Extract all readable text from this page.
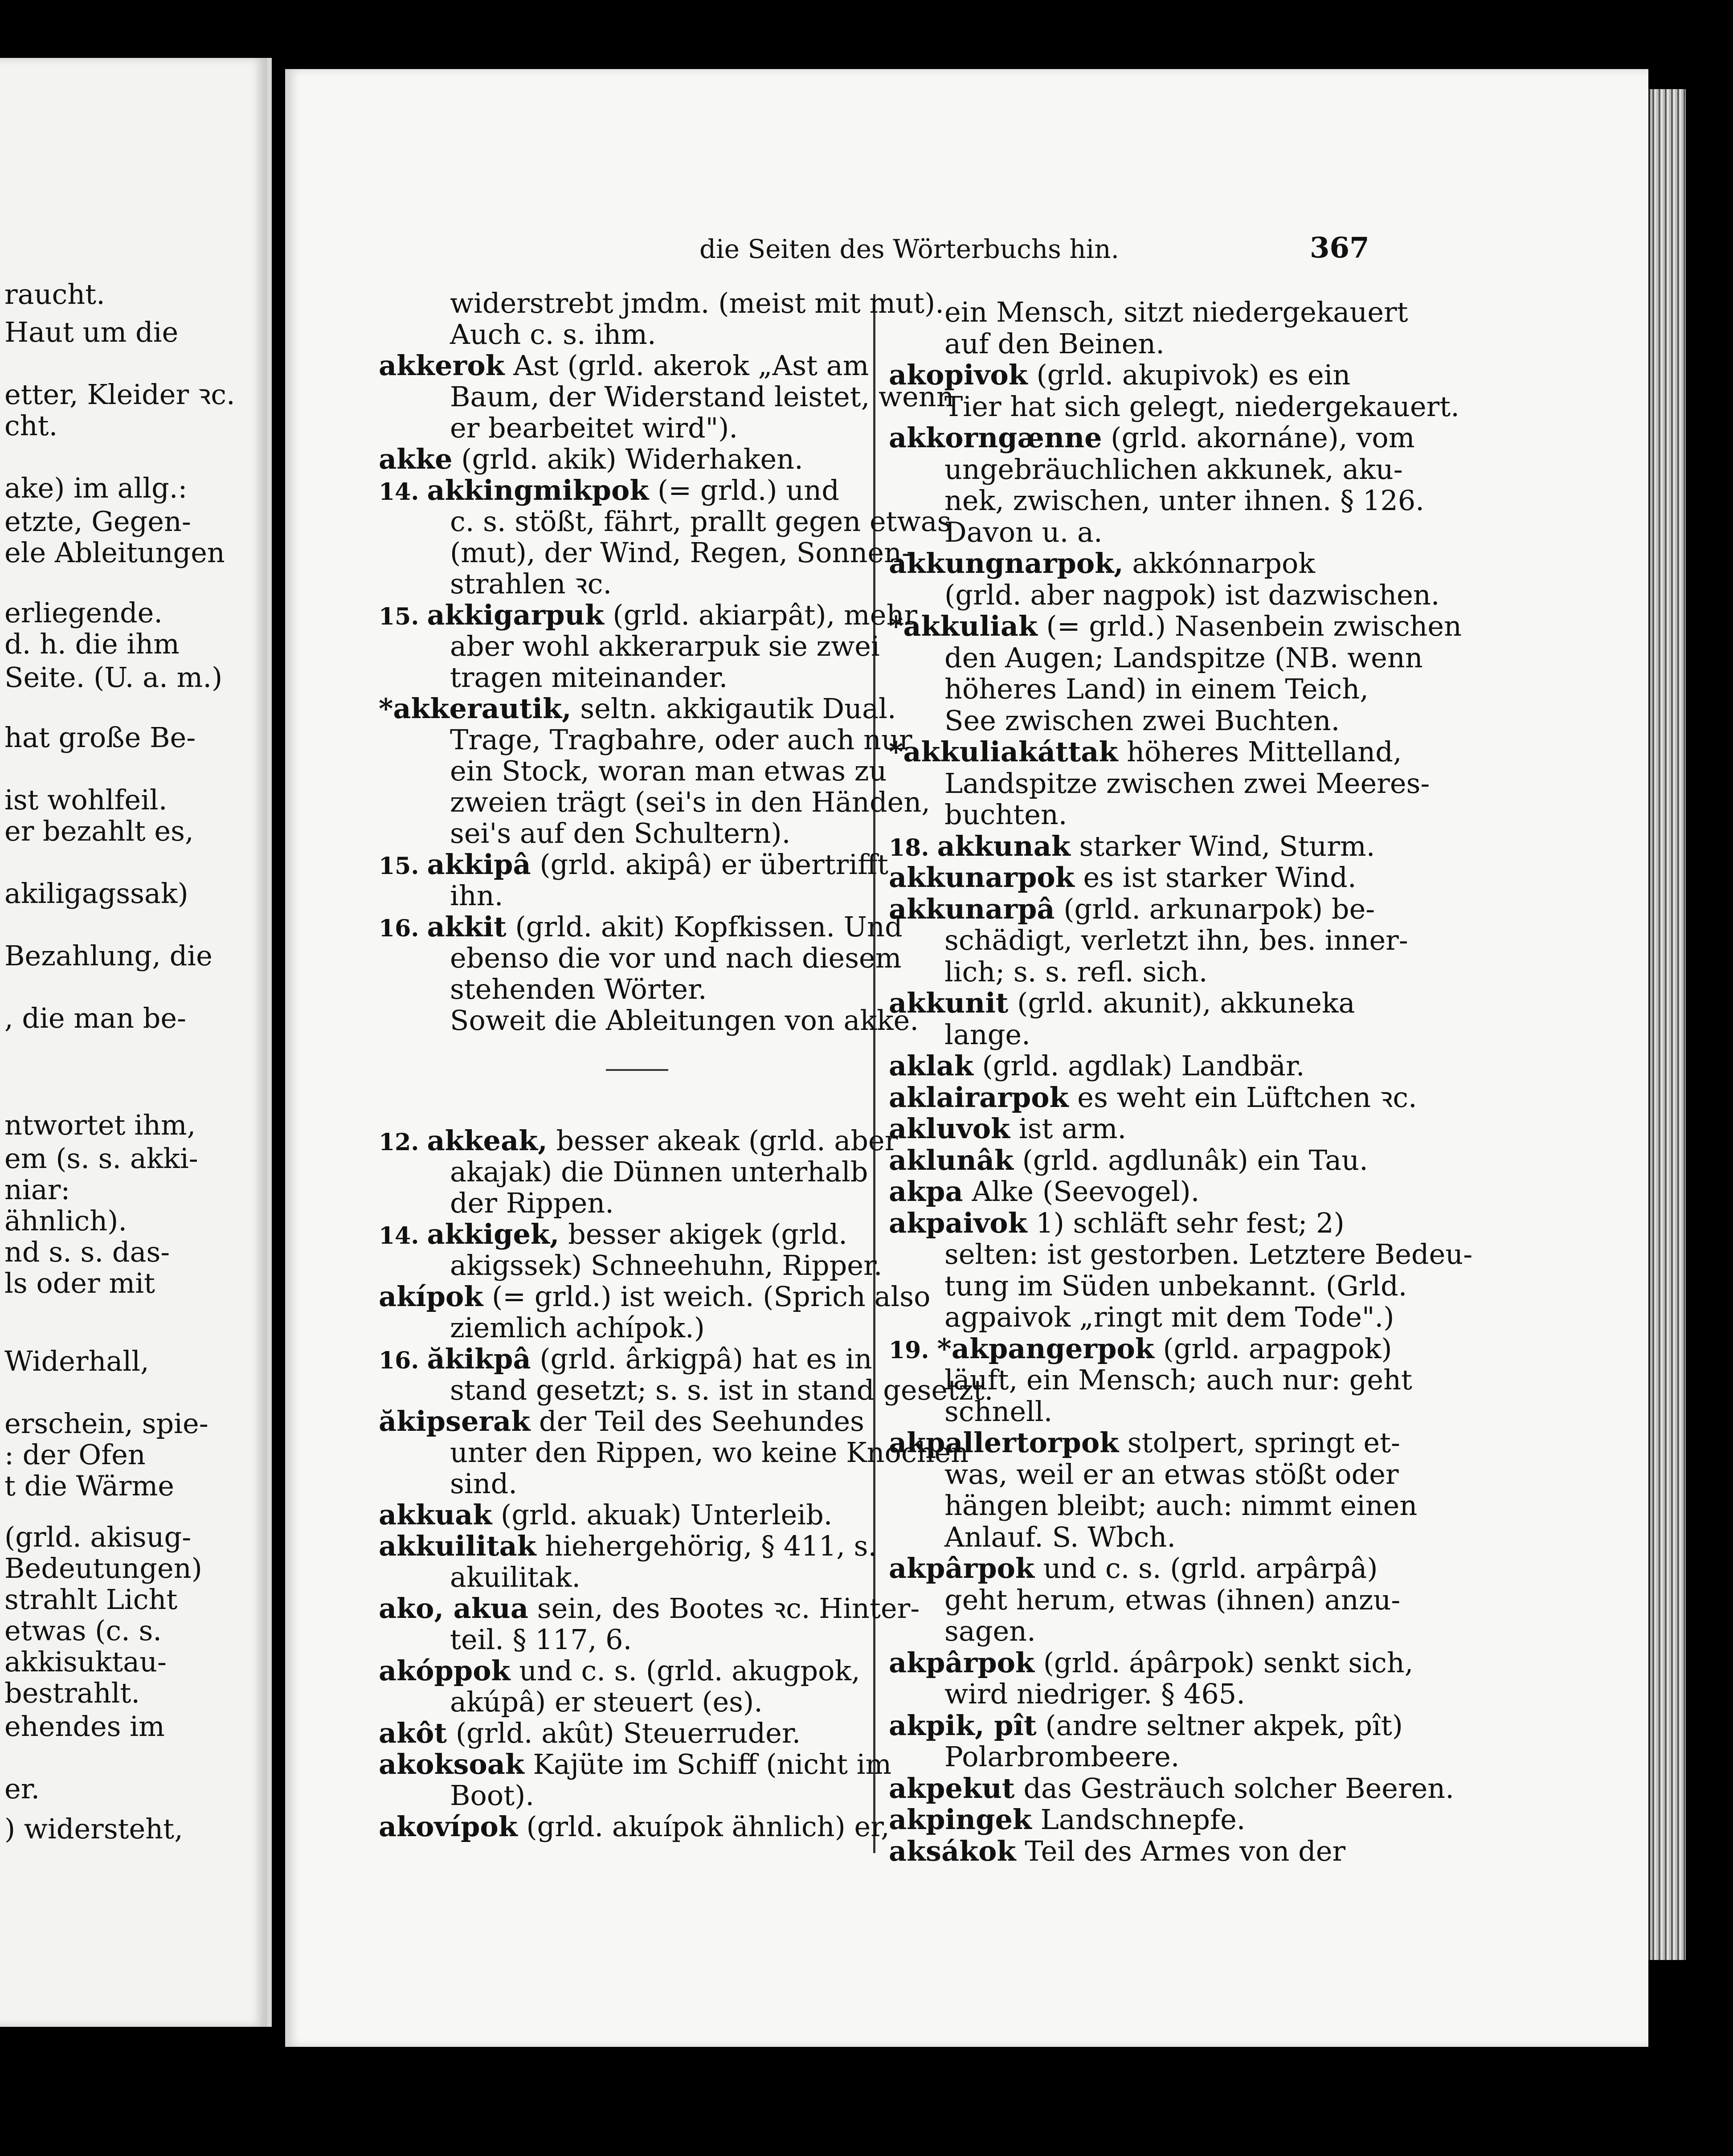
die Seiten des Wörterbuchs hin.	367
raucht.
Haut um die
etter, Kleider ꝛc.
cht.
ake) im allg.:
etzte, Gegen-
ele Ableitungen
erliegende.
d. h. die ihm
Seite. (U. a. m.)
hat große Be-
ist wohlfeil.
er bezahlt es,
akiligagssak)
Bezahlung, die
, die man be-
ntwortet ihm,
em (s. s. akki-
niar:
ähnlich).
nd s. s. das-
ls oder mit
Widerhall,
erschein, spie-
: der Ofen
t die Wärme
(grld. akisug-
Bedeutungen)
strahlt Licht
etwas (c. s.
akkisuktau-
bestrahlt.
ehendes im
er.
) widersteht,
widerstrebt jmdm. (meist mit mut).
Auch c. s. ihm.
akkerok Ast (grld. akerok „Ast am
Baum, der Widerstand leistet, wenn
er bearbeitet wird").
akke (grld. akik) Widerhaken.
14. akkingmikpok (= grld.) und
c. s. stößt, fährt, prallt gegen etwas
(mut), der Wind, Regen, Sonnen-
strahlen ꝛc.
15. akkigarpuk (grld. akiarpât), mehr
aber wohl akkerarpuk sie zwei
tragen miteinander.
*akkerautik, seltn. akkigautik Dual.
Trage, Tragbahre, oder auch nur
ein Stock, woran man etwas zu
zweien trägt (sei's in den Händen,
sei's auf den Schultern).
15. akkipâ (grld. akipâ) er übertrifft
ihn.
16. akkit (grld. akit) Kopfkissen. Und
ebenso die vor und nach diesem
stehenden Wörter.
Soweit die Ableitungen von akke.
12. akkeak, besser akeak (grld. aber
akajak) die Dünnen unterhalb
der Rippen.
14. akkigek, besser akigek (grld.
akigssek) Schneehuhn, Ripper.
akípok (= grld.) ist weich. (Sprich also
ziemlich achípok.)
16. ăkikpâ (grld. ârkigpâ) hat es in
stand gesetzt; s. s. ist in stand gesetzt.
ăkipserak der Teil des Seehundes
unter den Rippen, wo keine Knochen
sind.
akkuak (grld. akuak) Unterleib.
akkuilitak hiehergehörig, § 411, s.
akuilitak.
ako, akua sein, des Bootes ꝛc. Hinter-
teil. § 117, 6.
akóppok und c. s. (grld. akugpok,
akúpâ) er steuert (es).
akôt (grld. akût) Steuerruder.
akoksoak Kajüte im Schiff (nicht im
Boot).
akovípok (grld. akuípok ähnlich) er,
ein Mensch, sitzt niedergekauert
auf den Beinen.
akopivok (grld. akupivok) es ein
Tier hat sich gelegt, niedergekauert.
akkorngænne (grld. akornáne), vom
ungebräuchlichen akkunek, aku-
nek, zwischen, unter ihnen. § 126.
Davon u. a.
akkungnarpok, akkónnarpok
(grld. aber nagpok) ist dazwischen.
*akkuliak (= grld.) Nasenbein zwischen
den Augen; Landspitze (NB. wenn
höheres Land) in einem Teich,
See zwischen zwei Buchten.
*akkuliakáttak höheres Mittelland,
Landspitze zwischen zwei Meeres-
buchten.
18. akkunak starker Wind, Sturm.
akkunarpok es ist starker Wind.
akkunarpâ (grld. arkunarpok) be-
schädigt, verletzt ihn, bes. inner-
lich; s. s. refl. sich.
akkunit (grld. akunit), akkuneka
lange.
aklak (grld. agdlak) Landbär.
aklairarpok es weht ein Lüftchen ꝛc.
akluvok ist arm.
aklunâk (grld. agdlunâk) ein Tau.
akpa Alke (Seevogel).
akpaivok 1) schläft sehr fest; 2)
selten: ist gestorben. Letztere Bedeu-
tung im Süden unbekannt. (Grld.
agpaivok „ringt mit dem Tode".)
19. *akpangerpok (grld. arpagpok)
läuft, ein Mensch; auch nur: geht
schnell.
akpallertorpok stolpert, springt et-
was, weil er an etwas stößt oder
hängen bleibt; auch: nimmt einen
Anlauf. S. Wbch.
akpârpok und c. s. (grld. arpârpâ)
geht herum, etwas (ihnen) anzu-
sagen.
akpârpok (grld. ápârpok) senkt sich,
wird niedriger. § 465.
akpik, pît (andre seltner akpek, pît)
Polarbrombeere.
akpekut das Gesträuch solcher Beeren.
akpingek Landschnepfe.
aksákok Teil des Armes von der
